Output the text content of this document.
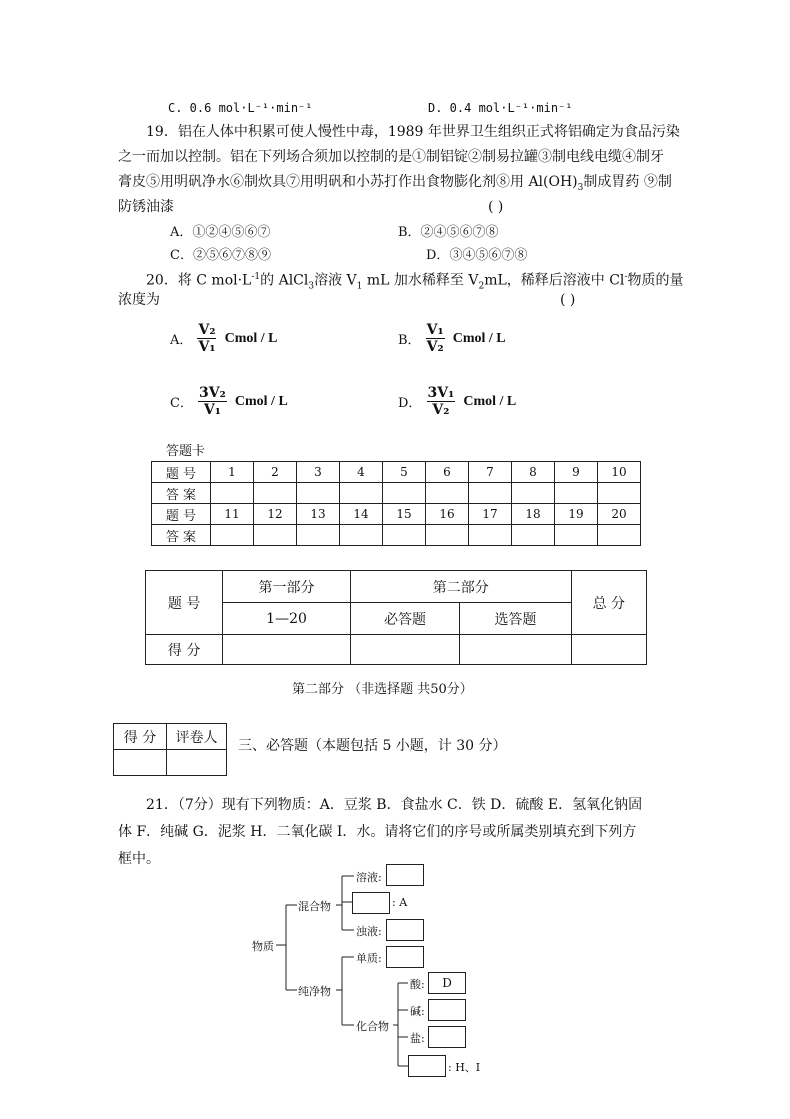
C. 0.6 mol·L⁻¹·min⁻¹	D. 0.4 mol·L⁻¹·min⁻¹
19．铝在人体中积累可使人慢性中毒，1989 年世界卫生组织正式将铝确定为食品污染
之一而加以控制。铝在下列场合须加以控制的是①制铝锭②制易拉罐③制电线电缆④制牙
膏皮⑤用明矾净水⑥制炊具⑦用明矾和小苏打作出食物膨化剂⑧用 $Al(OH)_3$制成胃药 ⑨制
防锈油漆	( )
A．①②④⑤⑥⑦	B．②④⑤⑥⑦⑧
C．②⑤⑥⑦⑧⑨	D．③④⑤⑥⑦⑧
20．将 C $mol\cdot L^{-1}$的 AlCl$_3$溶液 $V_1$ mL 加水稀释至 $V_2mL$，稀释后溶液中 Cl-物质的量
浓度为	( )
A． $\frac{\text{V₂}}{\text{V₁}}$ Cmol / L	B． $\frac{\text{V₁}}{\text{V₂}}$ Cmol / L
C． $\frac{\text{3V₂}}{\text{V₁}}$ Cmol / L	D． $\frac{\text{3V₁}}{\text{V₂}}$ Cmol / L
答题卡
题 号	1	2	3	4	5	6	7	8	9	10
答 案										
题 号	11	12	13	14	15	16	17	18	19	20
答 案										
题 号	第一部分	第二部分		总 分
	1—20	必答题	选答题	
得 分				
第二部分 （非选择题 共50分）
得 分	评卷人

三、必答题（本题包括 5 小题，计 30 分）
21．（7分）现有下列物质：A．豆浆 B．食盐水 C．铁 D．硫酸 E．氢氧化钠固
体 F．纯碱 G．泥浆 H．二氧化碳 I．水。请将它们的序号或所属类别填充到下列方
框中。
物质
混合物
溶液:
: A
浊液:
纯净物
单质:
化合物
酸:	D
碱:
盐:
: H、I
